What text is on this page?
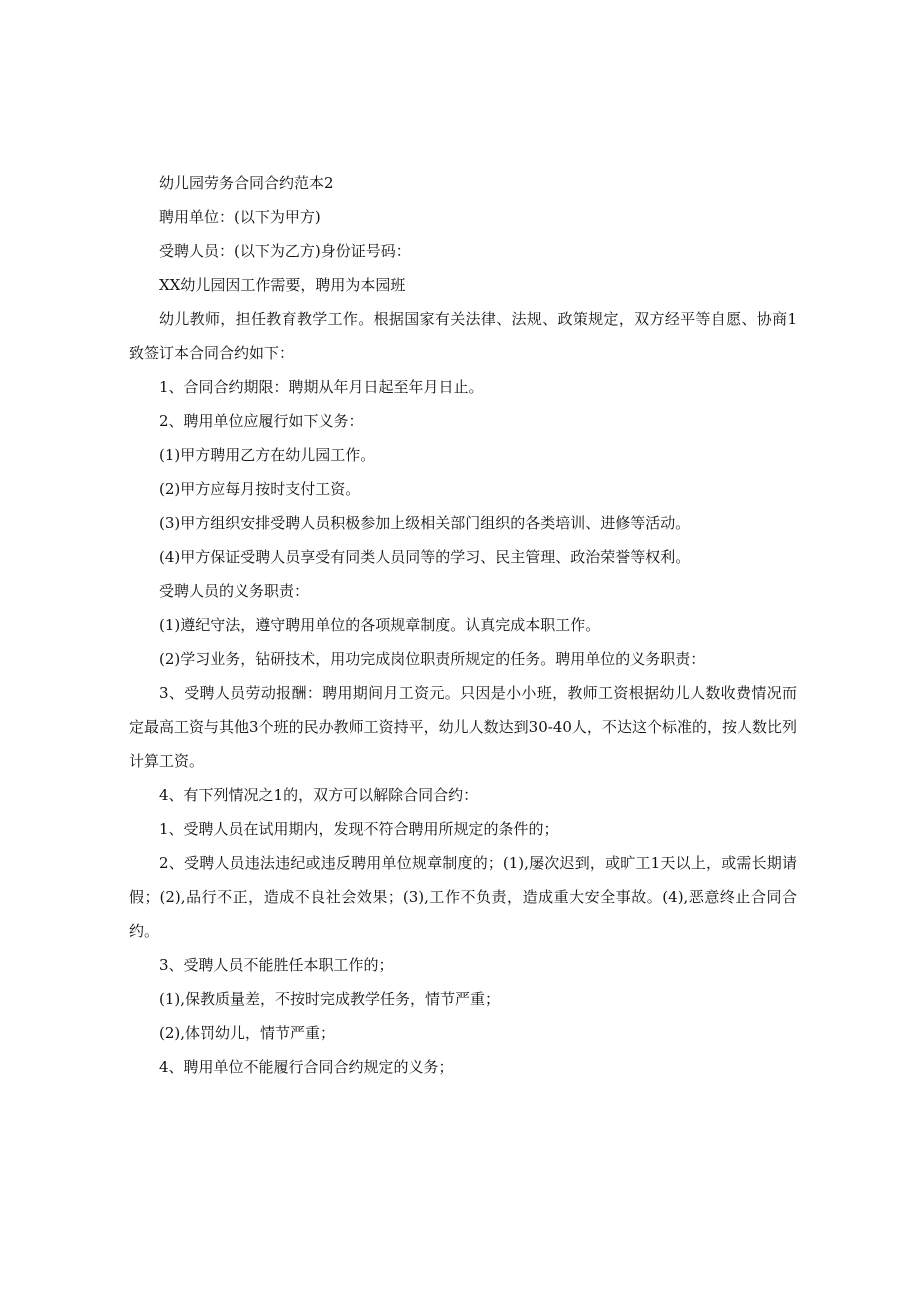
幼儿园劳务合同合约范本2

聘用单位：(以下为甲方)

受聘人员：(以下为乙方)身份证号码：

XX幼儿园因工作需要，聘用为本园班

幼儿教师，担任教育教学工作。根据国家有关法律、法规、政策规定，双方经平等自愿、协商1致签订本合同合约如下：

1、合同合约期限：聘期从年月日起至年月日止。

2、聘用单位应履行如下义务：

(1)甲方聘用乙方在幼儿园工作。

(2)甲方应每月按时支付工资。

(3)甲方组织安排受聘人员积极参加上级相关部门组织的各类培训、进修等活动。

(4)甲方保证受聘人员享受有同类人员同等的学习、民主管理、政治荣誉等权利。

受聘人员的义务职责：

(1)遵纪守法，遵守聘用单位的各项规章制度。认真完成本职工作。

(2)学习业务，钻研技术，用功完成岗位职责所规定的任务。聘用单位的义务职责：

3、受聘人员劳动报酬：聘用期间月工资元。只因是小小班，教师工资根据幼儿人数收费情况而定最高工资与其他3个班的民办教师工资持平，幼儿人数达到30-40人，不达这个标准的，按人数比列计算工资。

4、有下列情况之1的，双方可以解除合同合约：

1、受聘人员在试用期内，发现不符合聘用所规定的条件的；

2、受聘人员违法违纪或违反聘用单位规章制度的；(1),屡次迟到，或旷工1天以上，或需长期请假；(2),品行不正，造成不良社会效果；(3),工作不负责，造成重大安全事故。(4),恶意终止合同合约。

3、受聘人员不能胜任本职工作的；

(1),保教质量差，不按时完成教学任务，情节严重；

(2),体罚幼儿，情节严重；

4、聘用单位不能履行合同合约规定的义务；
